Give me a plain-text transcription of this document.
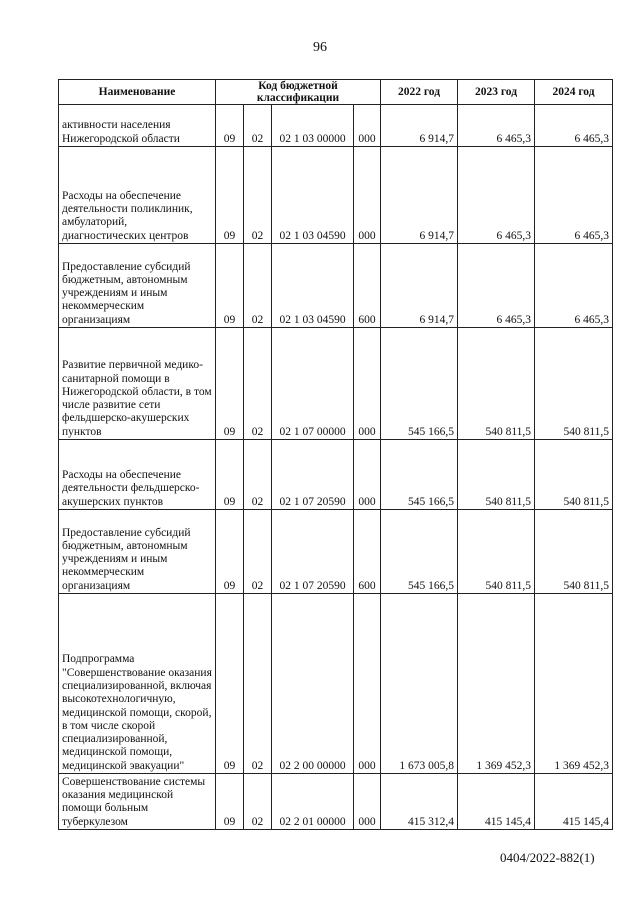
96
Наименование	Код бюджетной классификации				2022 год	2023 год	2024 год
активности населения Нижегородской области	09	02	02 1 03 00000	000	6 914,7	6 465,3	6 465,3
Расходы на обеспечение деятельности поликлиник, амбулаторий, диагностических центров	09	02	02 1 03 04590	000	6 914,7	6 465,3	6 465,3
Предоставление субсидий бюджетным, автономным учреждениям и иным некоммерческим организациям	09	02	02 1 03 04590	600	6 914,7	6 465,3	6 465,3
Развитие первичной медико-санитарной помощи в Нижегородской области, в том числе развитие сети фельдшерско-акушерских пунктов	09	02	02 1 07 00000	000	545 166,5	540 811,5	540 811,5
Расходы на обеспечение деятельности фельдшерско-акушерских пунктов	09	02	02 1 07 20590	000	545 166,5	540 811,5	540 811,5
Предоставление субсидий бюджетным, автономным учреждениям и иным некоммерческим организациям	09	02	02 1 07 20590	600	545 166,5	540 811,5	540 811,5
Подпрограмма "Совершенствование оказания специализированной, включая высокотехнологичную, медицинской помощи, скорой, в том числе скорой специализированной, медицинской помощи, медицинской эвакуации"	09	02	02 2 00 00000	000	1 673 005,8	1 369 452,3	1 369 452,3
Совершенствование системы оказания медицинской помощи больным туберкулезом	09	02	02 2 01 00000	000	415 312,4	415 145,4	415 145,4
0404/2022-882(1)
